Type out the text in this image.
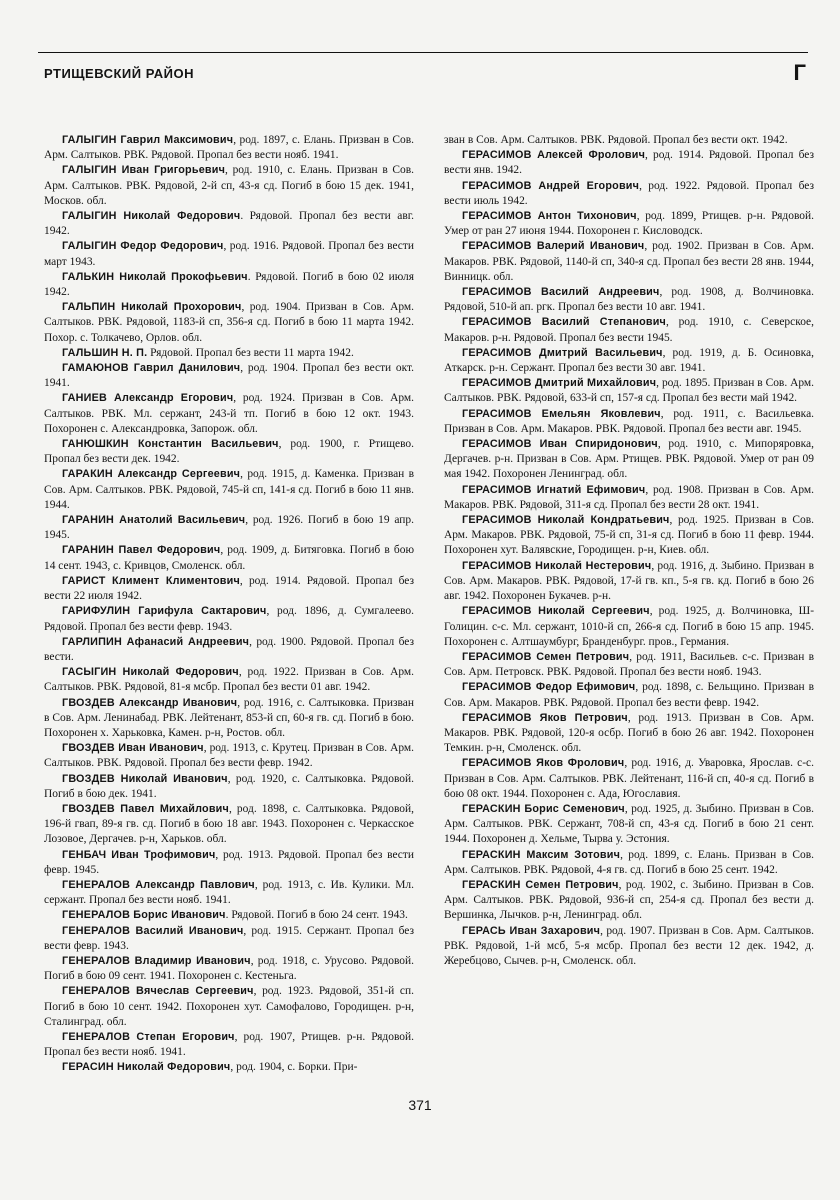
РТИЩЕВСКИЙ РАЙОН	Г

ГАЛЫГИН Гаврил Максимович, род. 1897, с. Елань. Призван в Сов. Арм. Салтыков. РВК. Рядовой. Пропал без вести нояб. 1941.

ГАЛЫГИН Иван Григорьевич, род. 1910, с. Елань. Призван в Сов. Арм. Салтыков. РВК. Рядовой, 2-й сп, 43-я сд. Погиб в бою 15 дек. 1941, Москов. обл.

ГАЛЫГИН Николай Федорович. Рядовой. Пропал без вести авг. 1942.

ГАЛЫГИН Федор Федорович, род. 1916. Рядовой. Пропал без вести март 1943.

ГАЛЬКИН Николай Прокофьевич. Рядовой. Погиб в бою 02 июля 1942.

ГАЛЬПИН Николай Прохорович, род. 1904. Призван в Сов. Арм. Салтыков. РВК. Рядовой, 1183-й сп, 356-я сд. Погиб в бою 11 марта 1942. Похор. с. Толкачево, Орлов. обл.

ГАЛЬШИН Н. П. Рядовой. Пропал без вести 11 марта 1942.

ГАМАЮНОВ Гаврил Данилович, род. 1904. Пропал без вести окт. 1941.

ГАНИЕВ Александр Егорович, род. 1924. Призван в Сов. Арм. Салтыков. РВК. Мл. сержант, 243-й тп. Погиб в бою 12 окт. 1943. Похоронен с. Александровка, Запорож. обл.

ГАНЮШКИН Константин Васильевич, род. 1900, г. Ртищево. Пропал без вести дек. 1942.

ГАРАКИН Александр Сергеевич, род. 1915, д. Каменка. Призван в Сов. Арм. Салтыков. РВК. Рядовой, 745-й сп, 141-я сд. Погиб в бою 11 янв. 1944.

ГАРАНИН Анатолий Васильевич, род. 1926. Погиб в бою 19 апр. 1945.

ГАРАНИН Павел Федорович, род. 1909, д. Битяговка. Погиб в бою 14 сент. 1943, с. Кривцов, Смоленск. обл.

ГАРИСТ Климент Климентович, род. 1914. Рядовой. Пропал без вести 22 июля 1942.

ГАРИФУЛИН Гарифула Сактарович, род. 1896, д. Сумгалеево. Рядовой. Пропал без вести февр. 1943.

ГАРЛИПИН Афанасий Андреевич, род. 1900. Рядовой. Пропал без вести.

ГАСЫГИН Николай Федорович, род. 1922. Призван в Сов. Арм. Салтыков. РВК. Рядовой, 81-я мсбр. Пропал без вести 01 авг. 1942.

ГВОЗДЕВ Александр Иванович, род. 1916, с. Салтыковка. Призван в Сов. Арм. Ленинабад. РВК. Лейтенант, 853-й сп, 60-я гв. сд. Погиб в бою. Похоронен х. Харьковка, Камен. р-н, Ростов. обл.

ГВОЗДЕВ Иван Иванович, род. 1913, с. Крутец. Призван в Сов. Арм. Салтыков. РВК. Рядовой. Пропал без вести февр. 1942.

ГВОЗДЕВ Николай Иванович, род. 1920, с. Салтыковка. Рядовой. Погиб в бою дек. 1941.

ГВОЗДЕВ Павел Михайлович, род. 1898, с. Салтыковка. Рядовой, 196-й гвап, 89-я гв. сд. Погиб в бою 18 авг. 1943. Похоронен с. Черкасское Лозовое, Дергачев. р-н, Харьков. обл.

ГЕНБАЧ Иван Трофимович, род. 1913. Рядовой. Пропал без вести февр. 1945.

ГЕНЕРАЛОВ Александр Павлович, род. 1913, с. Ив. Кулики. Мл. сержант. Пропал без вести нояб. 1941.

ГЕНЕРАЛОВ Борис Иванович. Рядовой. Погиб в бою 24 сент. 1943.

ГЕНЕРАЛОВ Василий Иванович, род. 1915. Сержант. Пропал без вести февр. 1943.

ГЕНЕРАЛОВ Владимир Иванович, род. 1918, с. Урусово. Рядовой. Погиб в бою 09 сент. 1941. Похоронен с. Кестеньга.

ГЕНЕРАЛОВ Вячеслав Сергеевич, род. 1923. Рядовой, 351-й сп. Погиб в бою 10 сент. 1942. Похоронен хут. Самофалово, Городищен. р-н, Сталинград. обл.

ГЕНЕРАЛОВ Степан Егорович, род. 1907, Ртищев. р-н. Рядовой. Пропал без вести нояб. 1941.

ГЕРАСИН Николай Федорович, род. 1904, с. Борки. При-

зван в Сов. Арм. Салтыков. РВК. Рядовой. Пропал без вести окт. 1942.

ГЕРАСИМОВ Алексей Фролович, род. 1914. Рядовой. Пропал без вести янв. 1942.

ГЕРАСИМОВ Андрей Егорович, род. 1922. Рядовой. Пропал без вести июль 1942.

ГЕРАСИМОВ Антон Тихонович, род. 1899, Ртищев. р-н. Рядовой. Умер от ран 27 июня 1944. Похоронен г. Кисловодск.

ГЕРАСИМОВ Валерий Иванович, род. 1902. Призван в Сов. Арм. Макаров. РВК. Рядовой, 1140-й сп, 340-я сд. Пропал без вести 28 янв. 1944, Винницк. обл.

ГЕРАСИМОВ Василий Андреевич, род. 1908, д. Волчиновка. Рядовой, 510-й ап. ргк. Пропал без вести 10 авг. 1941.

ГЕРАСИМОВ Василий Степанович, род. 1910, с. Северское, Макаров. р-н. Рядовой. Пропал без вести 1945.

ГЕРАСИМОВ Дмитрий Васильевич, род. 1919, д. Б. Осиновка, Аткарск. р-н. Сержант. Пропал без вести 30 авг. 1941.

ГЕРАСИМОВ Дмитрий Михайлович, род. 1895. Призван в Сов. Арм. Салтыков. РВК. Рядовой, 633-й сп, 157-я сд. Пропал без вести май 1942.

ГЕРАСИМОВ Емельян Яковлевич, род. 1911, с. Васильевка. Призван в Сов. Арм. Макаров. РВК. Рядовой. Пропал без вести авг. 1945.

ГЕРАСИМОВ Иван Спиридонович, род. 1910, с. Мипоряровка, Дергачев. р-н. Призван в Сов. Арм. Ртищев. РВК. Рядовой. Умер от ран 09 мая 1942. Похоронен Ленинград. обл.

ГЕРАСИМОВ Игнатий Ефимович, род. 1908. Призван в Сов. Арм. Макаров. РВК. Рядовой, 311-я сд. Пропал без вести 28 окт. 1941.

ГЕРАСИМОВ Николай Кондратьевич, род. 1925. Призван в Сов. Арм. Макаров. РВК. Рядовой, 75-й сп, 31-я сд. Погиб в бою 11 февр. 1944. Похоронен хут. Валявские, Городищен. р-н, Киев. обл.

ГЕРАСИМОВ Николай Нестерович, род. 1916, д. Зыбино. Призван в Сов. Арм. Макаров. РВК. Рядовой, 17-й гв. кп., 5-я гв. кд. Погиб в бою 26 авг. 1942. Похоронен Букачев. р-н.

ГЕРАСИМОВ Николай Сергеевич, род. 1925, д. Волчиновка, Ш-Голицин. с-с. Мл. сержант, 1010-й сп, 266-я сд. Погиб в бою 15 апр. 1945. Похоронен с. Алтшаумбург, Бранденбург. пров., Германия.

ГЕРАСИМОВ Семен Петрович, род. 1911, Васильев. с-с. Призван в Сов. Арм. Петровск. РВК. Рядовой. Пропал без вести нояб. 1943.

ГЕРАСИМОВ Федор Ефимович, род. 1898, с. Бельщино. Призван в Сов. Арм. Макаров. РВК. Рядовой. Пропал без вести февр. 1942.

ГЕРАСИМОВ Яков Петрович, род. 1913. Призван в Сов. Арм. Макаров. РВК. Рядовой, 120-я осбр. Погиб в бою 26 авг. 1942. Похоронен Темкин. р-н, Смоленск. обл.

ГЕРАСИМОВ Яков Фролович, род. 1916, д. Уваровка, Ярослав. с-с. Призван в Сов. Арм. Салтыков. РВК. Лейтенант, 116-й сп, 40-я сд. Погиб в бою 08 окт. 1944. Похоронен с. Ада, Югославия.

ГЕРАСКИН Борис Семенович, род. 1925, д. Зыбино. Призван в Сов. Арм. Салтыков. РВК. Сержант, 708-й сп, 43-я сд. Погиб в бою 21 сент. 1944. Похоронен д. Хельме, Тырва у. Эстония.

ГЕРАСКИН Максим Зотович, род. 1899, с. Елань. Призван в Сов. Арм. Салтыков. РВК. Рядовой, 4-я гв. сд. Погиб в бою 25 сент. 1942.

ГЕРАСКИН Семен Петрович, род. 1902, с. Зыбино. Призван в Сов. Арм. Салтыков. РВК. Рядовой, 936-й сп, 254-я сд. Пропал без вести д. Вершинка, Лычков. р-н, Ленинград. обл.

ГЕРАСЬ Иван Захарович, род. 1907. Призван в Сов. Арм. Салтыков. РВК. Рядовой, 1-й мсб, 5-я мсбр. Пропал без вести 12 дек. 1942, д. Жеребцово, Сычев. р-н, Смоленск. обл.

371
